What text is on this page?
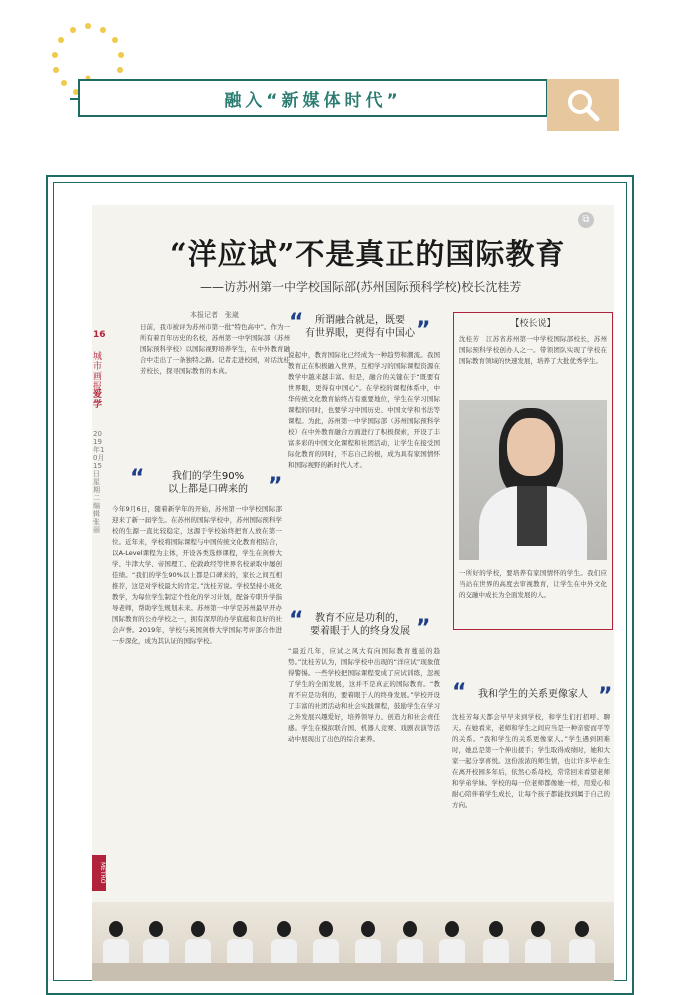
融入“新媒体时代”
⧉
“洋应试”不是真正的国际教育
——访苏州第一中学校国际部(苏州国际预科学校)校长沈桂芳
16
城市画报
爱学
2019年10月15日 星期二 编辑 张丽
METRO
本报记者　张崴
日前，我市被评为苏州市第一批“特色高中”。作为一所有着百年历史的名校，苏州第一中学国际部（苏州国际预科学校）以国际视野培养学生，在中外教育融合中走出了一条独特之路。记者走进校园，对话沈桂芳校长，探寻国际教育的本真。
“	我们的学生90%
以上都是口碑来的 ”
今年9月6日，随着新学年的开始，苏州第一中学校国际部迎来了新一届学生。在苏州的国际学校中，苏州国际预科学校的生源一直比较稳定，这源于学校始终把育人放在第一位。近年来，学校将国际课程与中国传统文化教育相结合，以A-Level课程为主体，开设各类选修课程，学生在剑桥大学、牛津大学、帝国理工、伦敦政经等世界名校录取中屡创佳绩。“我们的学生90%以上都是口碑来的，家长之间互相推荐，这是对学校最大的肯定。”沈桂芳说。学校坚持小班化教学，为每位学生制定个性化的学习计划，配备专职升学指导老师，帮助学生规划未来。苏州第一中学是苏州最早开办国际教育的公办学校之一，拥有深厚的办学底蕴和良好的社会声誉。2019年，学校与英国剑桥大学国际考评部合作进一步深化，成为其认证的国际学校。
“	所谓融合就是，既要
有世界眼，更得有中国心 ”
说起中，教育国际化已经成为一种趋势和潮流。我国教育正在积极融入世界，互相学习的国际课程资源在教学中越来越丰富。但是，融合的关键在于“既要有世界眼，更得有中国心”。在学校的课程体系中，中华传统文化教育始终占有重要地位，学生在学习国际课程的同时，也要学习中国历史、中国文学和书法等课程。为此，苏州第一中学国际部（苏州国际预科学校）在中外教育融合方面进行了积极探索，开设了丰富多彩的中国文化课程和社团活动，让学生在接受国际化教育的同时，不忘自己的根，成为具有家国情怀和国际视野的新时代人才。
“	教育不应是功利的，
要着眼于人的终身发展 ”
“最近几年，应试之风大有向国际教育蔓延的趋势。”沈桂芳认为，国际学校中出现的“洋应试”现象值得警惕。一些学校把国际课程变成了应试训练，忽视了学生的全面发展，这并不是真正的国际教育。“教育不应是功利的，要着眼于人的终身发展。”学校开设了丰富的社团活动和社会实践课程，鼓励学生在学习之外发展兴趣爱好，培养领导力、创造力和社会责任感。学生在模拟联合国、机器人竞赛、戏剧表演等活动中展现出了出色的综合素养。
【校长说】
沈桂芳　江苏省苏州第一中学校国际部校长，苏州国际预科学校创办人之一。带领团队实现了学校在国际教育领域的快速发展，培养了大批优秀学生。
一所好的学校，要培养有家国情怀的学生。我们应当站在世界的高度去审视教育，让学生在中外文化的交融中成长为全面发展的人。
“	我和学生的关系更像家人 ”
沈桂芳每天都会早早来到学校，和学生们打招呼、聊天。在她看来，老师和学生之间应当是一种亲密而平等的关系。“我和学生的关系更像家人。”学生遇到困难时，她总是第一个伸出援手；学生取得成绩时，她和大家一起分享喜悦。这份浓浓的师生情，也让许多毕业生在离开校园多年后，依然心系母校，常常回来看望老师和学弟学妹。学校的每一位老师都像她一样，用爱心和耐心陪伴着学生成长，让每个孩子都能找到属于自己的方向。
